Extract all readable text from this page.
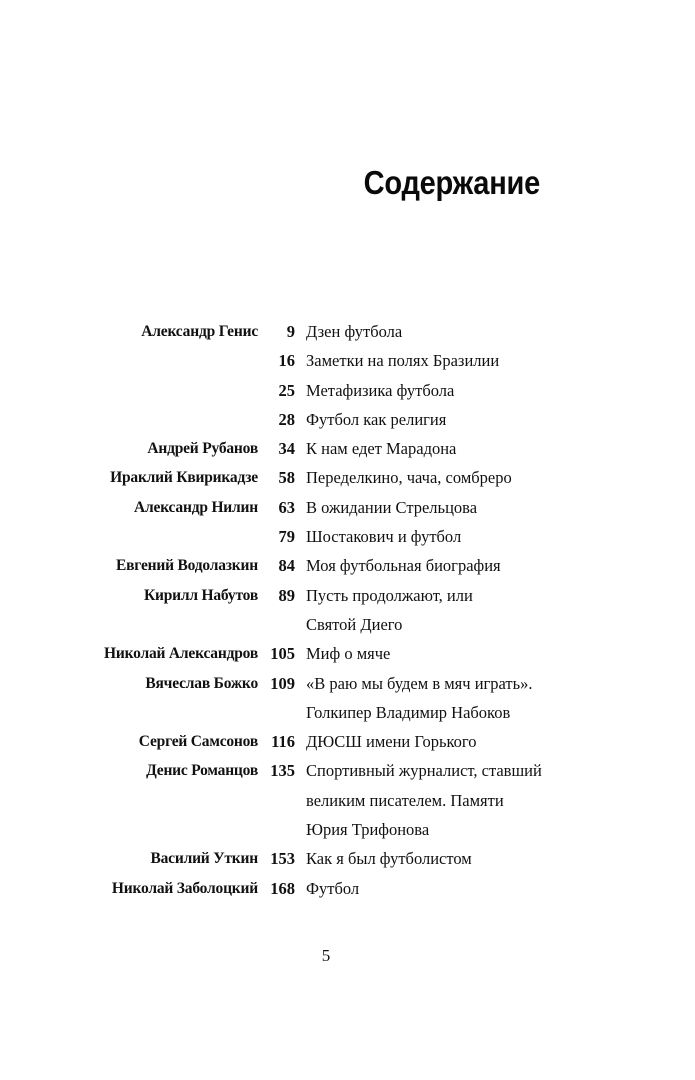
Содержание
Александр Генис 9 Дзен футбола
16 Заметки на полях Бразилии
25 Метафизика футбола
28 Футбол как религия
Андрей Рубанов 34 К нам едет Марадона
Ираклий Квирикадзе 58 Переделкино, чача, сомбреро
Александр Нилин 63 В ожидании Стрельцова
79 Шостакович и футбол
Евгений Водолазкин 84 Моя футбольная биография
Кирилл Набутов 89 Пусть продолжают, или
Святой Диего
Николай Александров 105 Миф о мяче
Вячеслав Божко 109 «В раю мы будем в мяч играть».
Голкипер Владимир Набоков
Сергей Самсонов 116 ДЮСШ имени Горького
Денис Романцов 135 Спортивный журналист, ставший
великим писателем. Памяти
Юрия Трифонова
Василий Уткин 153 Как я был футболистом
Николай Заболоцкий 168 Футбол
5
